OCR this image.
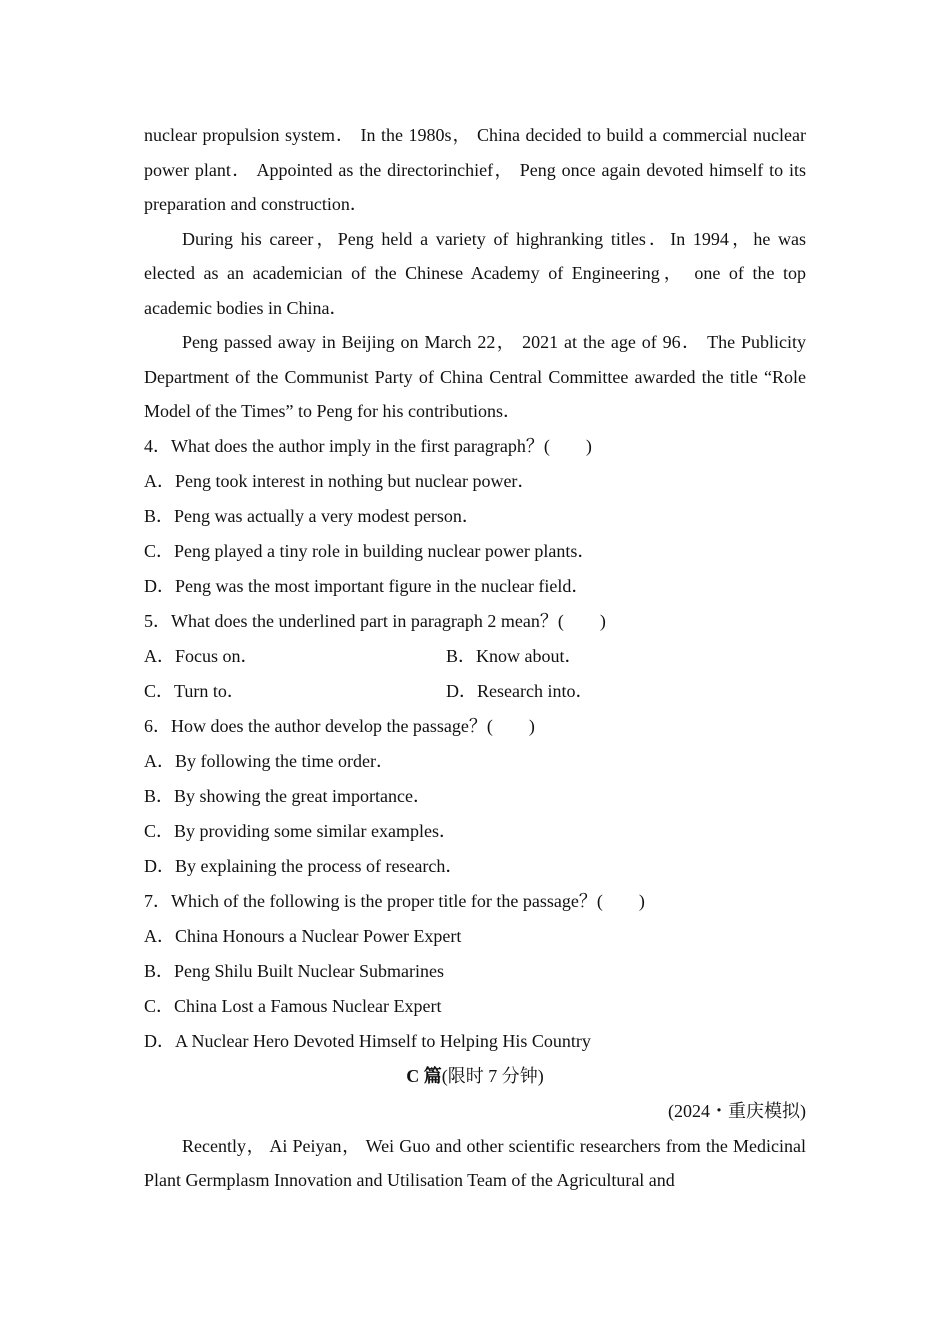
nuclear propulsion system． In the 1980s， China decided to build a commercial nuclear power plant． Appointed as the directorinchief， Peng once again devoted himself to its preparation and construction．

During his career，Peng held a variety of highranking titles．In 1994，he was elected as an academician of the Chinese Academy of Engineering， one of the top academic bodies in China．

Peng passed away in Beijing on March 22， 2021 at the age of 96． The Publicity Department of the Communist Party of China Central Committee awarded the title “Role Model of the Times” to Peng for his contributions．

4．What does the author imply in the first paragraph？(　　)
A．Peng took interest in nothing but nuclear power．
B．Peng was actually a very modest person．
C．Peng played a tiny role in building nuclear power plants．
D．Peng was the most important figure in the nuclear field．
5．What does the underlined part in paragraph 2 mean？(　　)
A．Focus on．	B．Know about．
C．Turn to．	D．Research into．
6．How does the author develop the passage？(　　)
A．By following the time order．
B．By showing the great importance．
C．By providing some similar examples．
D．By explaining the process of research．
7．Which of the following is the proper title for the passage？(　　)
A．China Honours a Nuclear Power Expert
B．Peng Shilu Built Nuclear Submarines
C．China Lost a Famous Nuclear Expert
D．A Nuclear Hero Devoted Himself to Helping His Country
C 篇(限时 7 分钟)
(2024・重庆模拟)

Recently， Ai Peiyan， Wei Guo and other scientific researchers from the Medicinal Plant Germplasm Innovation and Utilisation Team of the Agricultural and
